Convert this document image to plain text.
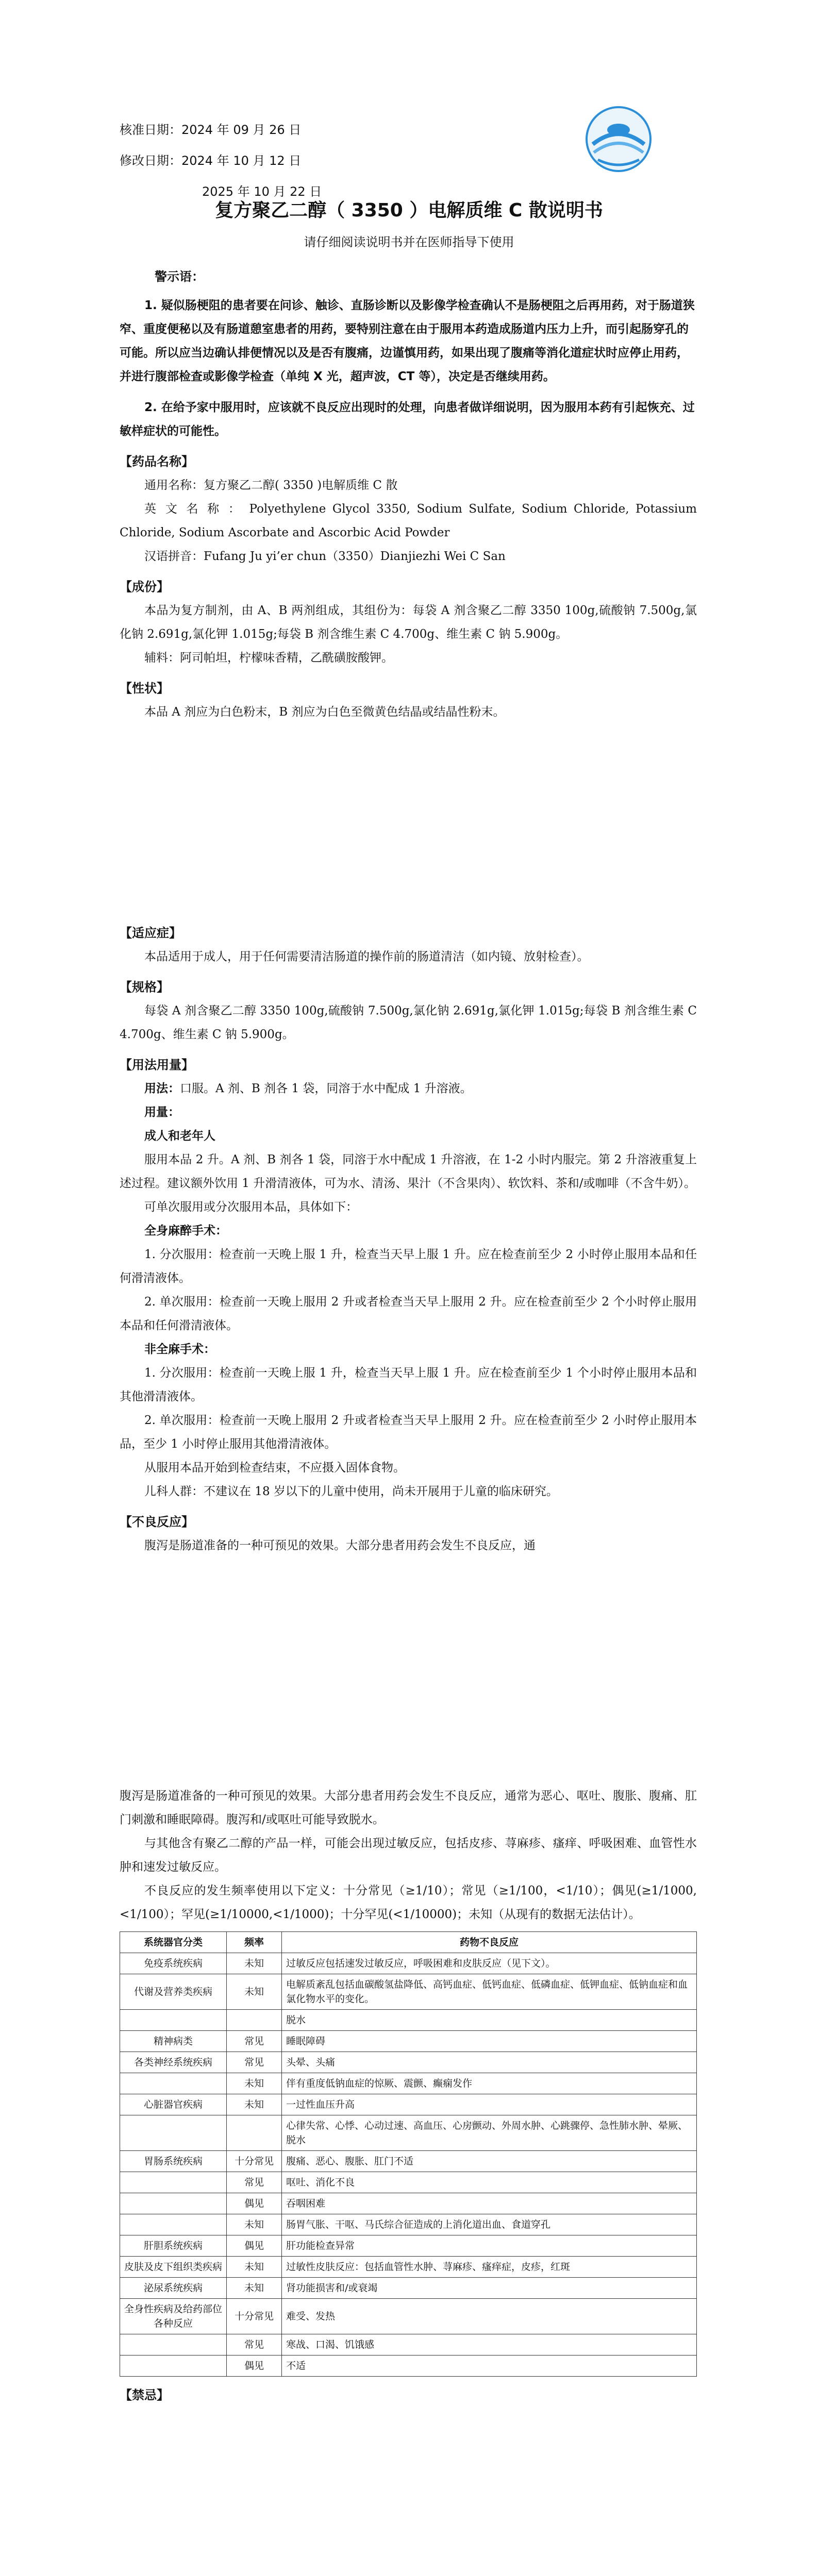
核准日期：2024 年 09 月 26 日
修改日期：2024 年 10 月 12 日
2025 年 10 月 22 日
复方聚乙二醇（ 3350 ）电解质维 C 散说明书
请仔细阅读说明书并在医师指导下使用
警示语：

1. 疑似肠梗阻的患者要在问诊、触诊、直肠诊断以及影像学检查确认不是肠梗阻之后再用药，对于肠道狭窄、重度便秘以及有肠道憩室患者的用药，要特别注意在由于服用本药造成肠道内压力上升，而引起肠穿孔的可能。所以应当边确认排便情况以及是否有腹痛，边谨慎用药，如果出现了腹痛等消化道症状时应停止用药，并进行腹部检查或影像学检查（单纯 X 光，超声波，CT 等），决定是否继续用药。

2. 在给予家中服用时，应该就不良反应出现时的处理，向患者做详细说明，因为服用本药有引起恢充、过敏样症状的可能性。

【药品名称】

通用名称：复方聚乙二醇( 3350 )电解质维 C 散

英 文 名 称 ： Polyethylene Glycol 3350, Sodium Sulfate, Sodium Chloride, Potassium Chloride, Sodium Ascorbate and Ascorbic Acid Powder

汉语拼音：Fufang Ju yi’er chun（3350）Dianjiezhi Wei C San

【成份】

本品为复方制剂，由 A、B 两剂组成，其组份为：每袋 A 剂含聚乙二醇 3350 100g,硫酸钠 7.500g,氯化钠 2.691g,氯化钾 1.015g;每袋 B 剂含维生素 C 4.700g、维生素 C 钠 5.900g。

辅料：阿司帕坦，柠檬味香精，乙酰磺胺酸钾。

【性状】

本品 A 剂应为白色粉末，B 剂应为白色至微黄色结晶或结晶性粉末。

【适应症】

本品适用于成人，用于任何需要清洁肠道的操作前的肠道清洁（如内镜、放射检查）。

【规格】

每袋 A 剂含聚乙二醇 3350 100g,硫酸钠 7.500g,氯化钠 2.691g,氯化钾 1.015g;每袋 B 剂含维生素 C 4.700g、维生素 C 钠 5.900g。

【用法用量】

用法：口服。A 剂、B 剂各 1 袋，同溶于水中配成 1 升溶液。

用量：
成人和老年人

服用本品 2 升。A 剂、B 剂各 1 袋，同溶于水中配成 1 升溶液，在 1-2 小时内服完。第 2 升溶液重复上述过程。建议额外饮用 1 升滑清液体，可为水、清汤、果汁（不含果肉）、软饮料、茶和/或咖啡（不含牛奶）。

可单次服用或分次服用本品，具体如下：

全身麻醉手术：

1. 分次服用：检查前一天晚上服 1 升，检查当天早上服 1 升。应在检查前至少 2 小时停止服用本品和任何滑清液体。

2. 单次服用：检查前一天晚上服用 2 升或者检查当天早上服用 2 升。应在检查前至少 2 个小时停止服用本品和任何滑清液体。

非全麻手术：

1. 分次服用：检查前一天晚上服 1 升，检查当天早上服 1 升。应在检查前至少 1 个小时停止服用本品和其他滑清液体。

2. 单次服用：检查前一天晚上服用 2 升或者检查当天早上服用 2 升。应在检查前至少 2 小时停止服用本品，至少 1 小时停止服用其他滑清液体。

从服用本品开始到检查结束，不应摄入固体食物。

儿科人群：不建议在 18 岁以下的儿童中使用，尚未开展用于儿童的临床研究。

【不良反应】

腹泻是肠道准备的一种可预见的效果。大部分患者用药会发生不良反应，通

腹泻是肠道准备的一种可预见的效果。大部分患者用药会发生不良反应，通常为恶心、呕吐、腹胀、腹痛、肛门刺激和睡眠障碍。腹泻和/或呕吐可能导致脱水。

与其他含有聚乙二醇的产品一样，可能会出现过敏反应，包括皮疹、荨麻疹、瘙痒、呼吸困难、血管性水肿和速发过敏反应。

不良反应的发生频率使用以下定义：十分常见（≥1/10）；常见（≥1/100，<1/10）；偶见(≥1/1000,<1/100）；罕见(≥1/10000,<1/1000)；十分罕见(<1/10000)；未知（从现有的数据无法估计）。

系统器官分类	频率	药物不良反应
免疫系统疾病	未知	过敏反应包括速发过敏反应，呼吸困难和皮肤反应（见下文）。
代谢及营养类疾病	未知	电解质紊乱包括血碳酸氢盐降低、高钙血症、低钙血症、低磷血症、低钾血症、低钠血症和血氯化物水平的变化。
		脱水
精神病类	常见	睡眠障碍
各类神经系统疾病	常见	头晕、头痛
	未知	伴有重度低钠血症的惊厥、震颤、癫痫发作
心脏器官疾病	未知	一过性血压升高
		心律失常、心悸、心动过速、高血压、心房颤动、外周水肿、心跳骤停、急性肺水肿、晕厥、脱水
胃肠系统疾病	十分常见	腹痛、恶心、腹胀、肛门不适
	常见	呕吐、消化不良
	偶见	吞咽困难
	未知	肠胃气胀、干呕、马氏综合征造成的上消化道出血、食道穿孔
肝胆系统疾病	偶见	肝功能检查异常
皮肤及皮下组织类疾病	未知	过敏性皮肤反应：包括血管性水肿、荨麻疹、瘙痒症，皮疹，红斑
泌尿系统疾病	未知	肾功能损害和/或衰竭
全身性疾病及给药部位各种反应	十分常见	难受、发热
	常见	寒战、口渴、饥饿感
	偶见	不适
【禁忌】
